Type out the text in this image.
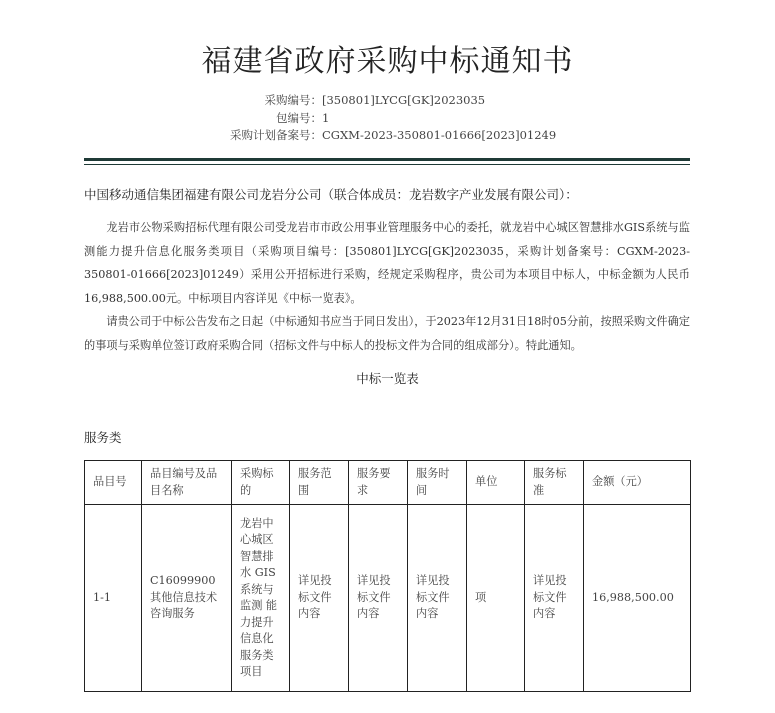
福建省政府采购中标通知书
采购编号： [350801]LYCG[GK]2023035
包编号： 1
采购计划备案号： CGXM-2023-350801-01666[2023]01249
中国移动通信集团福建有限公司龙岩分公司（联合体成员：龙岩数字产业发展有限公司）：

龙岩市公物采购招标代理有限公司受龙岩市市政公用事业管理服务中心的委托，就龙岩中心城区智慧排水GIS系统与监测能力提升信息化服务类项目（采购项目编号：[350801]LYCG[GK]2023035，采购计划备案号：CGXM-2023-350801-01666[2023]01249）采用公开招标进行采购，经规定采购程序，贵公司为本项目中标人，中标金额为人民币16,988,500.00元。中标项目内容详见《中标一览表》。

请贵公司于中标公告发布之日起（中标通知书应当于同日发出），于2023年12月31日18时05分前，按照采购文件确定的事项与采购单位签订政府采购合同（招标文件与中标人的投标文件为合同的组成部分）。特此通知。

中标一览表
服务类
品目号	品目编号及品目名称	采购标的	服务范围	服务要求	服务时间	单位	服务标准	金额（元）
1-1	C16099900 其他信息技术咨询服务	龙岩中心城区智慧排水 GIS 系统与监测 能力提升信息化服务类项目	详见投标文件内容	详见投标文件内容	详见投标文件内容	项	详见投标文件内容	16,988,500.00
